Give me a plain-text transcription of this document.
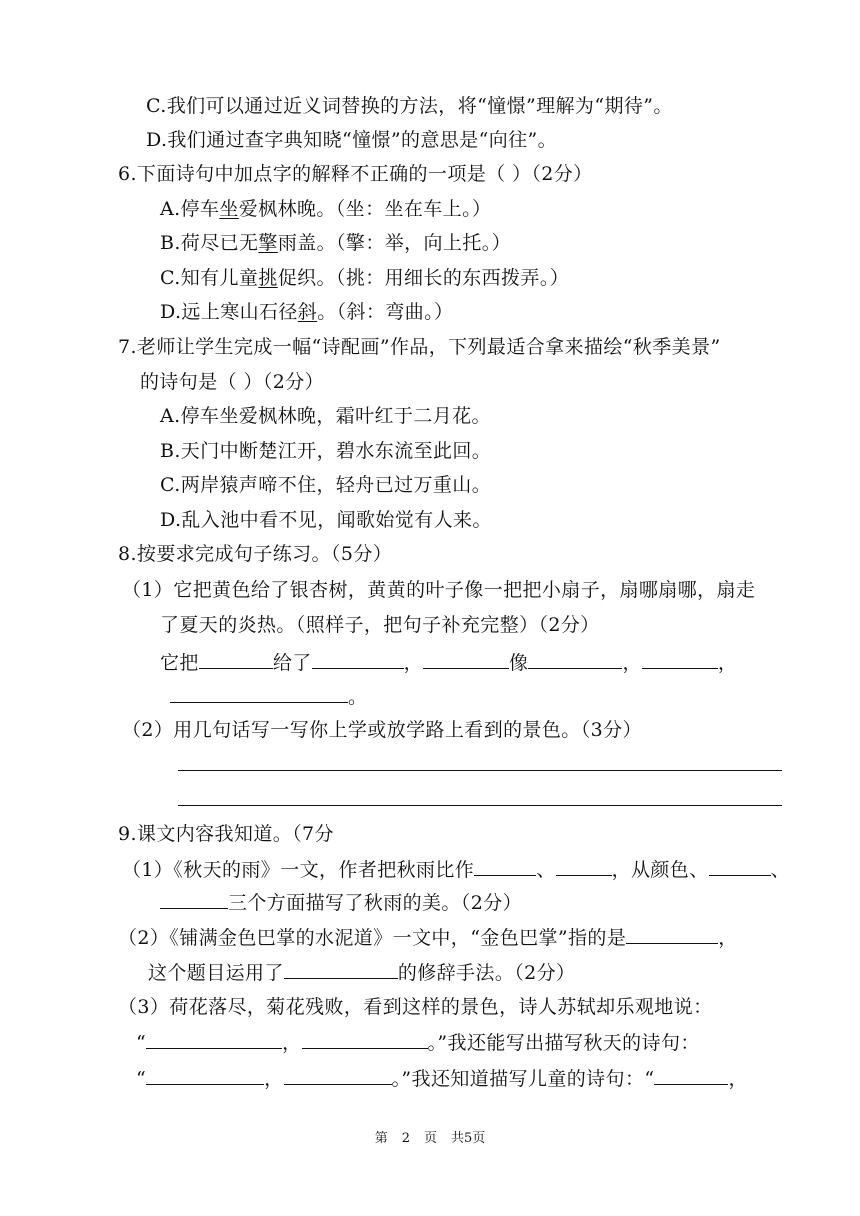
C.我们可以通过近义词替换的方法，将“憧憬”理解为“期待”。
D.我们通过查字典知晓“憧憬”的意思是“向往”。
6.下面诗句中加点字的解释不正确的一项是（ ）（2分）
A.停车坐爱枫林晚。（坐：坐在车上。）
B.荷尽已无擎雨盖。（擎：举，向上托。）
C.知有儿童挑促织。（挑：用细长的东西拨弄。）
D.远上寒山石径斜。（斜：弯曲。）
7.老师让学生完成一幅“诗配画”作品，下列最适合拿来描绘“秋季美景”
的诗句是（ ）（2分）
A.停车坐爱枫林晚，霜叶红于二月花。
B.天门中断楚江开，碧水东流至此回。
C.两岸猿声啼不住，轻舟已过万重山。
D.乱入池中看不见，闻歌始觉有人来。
8.按要求完成句子练习。（5分）
（1）它把黄色给了银杏树，黄黄的叶子像一把把小扇子，扇哪扇哪，扇走
了夏天的炎热。（照样子，把句子补充完整）（2分）
它把	给了	，	像	，	，
。
（2）用几句话写一写你上学或放学路上看到的景色。（3分）
9.课文内容我知道。（7分
（1）《秋天的雨》一文，作者把秋雨比作	、	，从颜色、	、
三个方面描写了秋雨的美。（2分）
（2）《铺满金色巴掌的水泥道》一文中，“金色巴掌”指的是	，
这个题目运用了	的修辞手法。（2分）
（3）荷花落尽，菊花残败，看到这样的景色，诗人苏轼却乐观地说：
“	，	。”我还能写出描写秋天的诗句：
“	，	。”我还知道描写儿童的诗句：“	，
第 2 页 共5页
